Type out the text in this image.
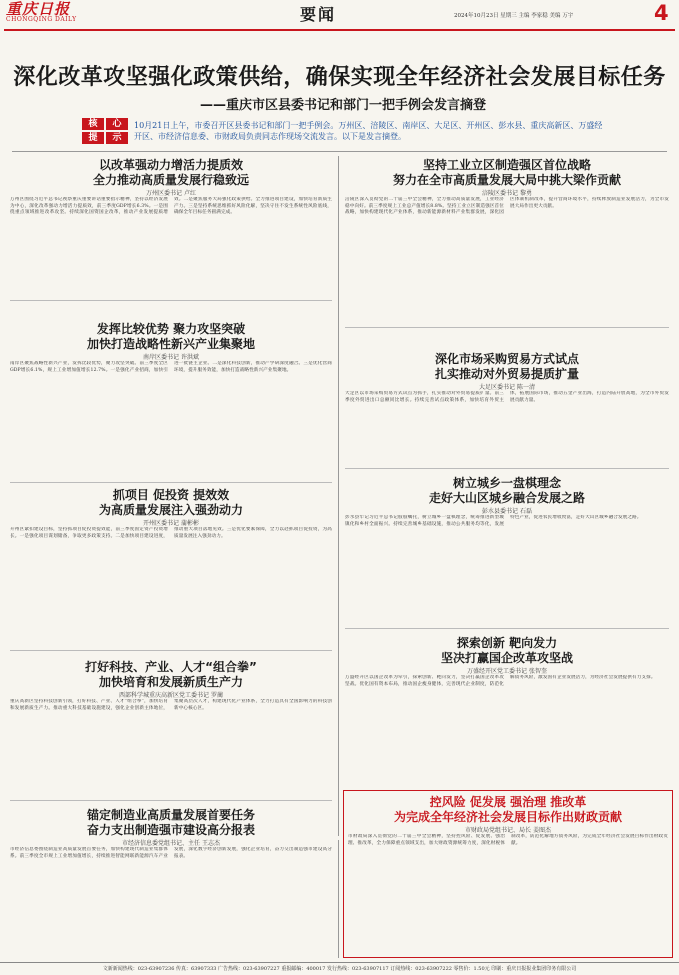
重庆日报
CHONGQING DAILY	要闻	2024年10月23日 星期三 主编 李家稳 美编 万宇	4
深化改革攻坚强化政策供给，确保实现全年经济社会发展目标任务
——重庆市区县委书记和部门一把手例会发言摘登
核	心
提	示
10月21日上午，市委召开区县委书记和部门一把手例会。万州区、涪陵区、南岸区、大足区、开州区、彭水县、重庆高新区、万盛经开区、市经济信息委、市财政局负责同志作现场交流发言。以下是发言摘登。
以改革强动力增活力提质效
全力推动高质量发展行稳致远
万州区委书记 卢红
万州区围绕习近平总书记视察重庆重要讲话重要指示精神，坚持以经济发展为中心，深化改革强动力增活力提质效，前三季度GDP增长6.3%。一是围绕重点领域推进改革攻坚。持续深化国资国企改革，推动产业发展提质增效。二是聚焦服务大局强化政策供给。全力推进项目建设，加快培育新质生产力。三是坚持系统思维抓好风险化解，坚决守住不发生系统性风险底线，确保全年目标任务圆满完成。
坚持工业立区制造强区首位战略
努力在全市高质量发展大局中挑大梁作贡献
涪陵区委书记 黎勇
涪陵区深入贯彻党的二十届三中全会精神，全力推动高质量发展，工业经济稳中向好。前三季度规上工业总产值增长8.8%。坚持工业立区制造强区首位战略，加快构建现代化产业体系，推动新能源新材料产业集群发展，深化园区体制机制改革，提升营商环境水平，持续释放制造业发展活力，为全市发展大局作出更大贡献。
发挥比较优势 聚力攻坚突破
加快打造战略性新兴产业集聚地
南岸区委书记 许洪斌
南岸区聚焦战略性新兴产业，发挥比较优势，聚力攻坚突破。前三季度全区GDP增长6.1%，规上工业增加值增长12.7%。一是强化产业招商，加快引进一批链主企业。二是深化科技创新，推动产学研深度融合。三是优化营商环境，提升服务效能，加快打造战略性新兴产业集聚地。
深化市场采购贸易方式试点
扎实推动对外贸易提质扩量
大足区委书记 陈一清
大足区以市场采购贸易方式试点为抓手，扎实推动对外贸易提质扩量。前三季度外贸进出口总额同比增长。持续完善试点政策体系，加快培育外贸主体，拓展国际市场，推动五金产业出海，打造内陆开放高地，为全市外贸发展贡献力量。
抓项目 促投资 提效效
为高质量发展注入强劲动力
开州区委书记 蒲彬彬
开州区紧扣建设目标，坚持抓项目促投资提效能，前三季度固定资产投资增长。一是强化项目谋划储备，争取更多政策支持。二是加快项目建设进度，推动重大项目落地见效。三是优化要素保障，全力以赴抓项目促投资，为高质量发展注入强劲动力。
树立城乡一盘棋理念
走好大山区城乡融合发展之路
彭水县委书记 石磊
彭水县牢记习近平总书记殷殷嘱托，树立城乡一盘棋理念，统筹推进新型城镇化和乡村全面振兴。持续完善城乡基础设施，推动公共服务均等化，发展特色产业，促进农民增收致富，走好大山区城乡融合发展之路。
打好科技、产业、人才“组合拳”
加快培育和发展新质生产力
西部科学城重庆高新区党工委书记 罗蔺
重庆高新区坚持科技创新引领，打好科技、产业、人才“组合拳”，加快培育和发展新质生产力。推动重大科技基础设施建设，强化企业创新主体地位，集聚高层次人才，构建现代化产业体系，全力打造具有全国影响力的科技创新中心核心区。
探索创新 靶向发力
坚决打赢国企改革攻坚战
万盛经开区党工委书记 张智奎
万盛经开区以国企改革为牵引，探索创新、靶向发力，坚决打赢国企改革攻坚战。优化国有资本布局，推动国企瘦身健体，完善现代企业制度，防范化解债务风险，激发国有企业发展活力，为经济社会发展提供有力支撑。
锚定制造业高质量发展首要任务
奋力支出制造强市建设高分报表
市经济信息委党组书记、主任 王志杰
市经济信息委围绕制造业高质量发展首要任务，加快构建现代制造业集群体系。前三季度全市规上工业增加值增长，持续推进智能网联新能源汽车产业发展，深化数字经济创新发展，强化企业培育，奋力交出制造强市建设高分报表。
控风险 促发展 强治理 推改革
为完成全年经济社会发展目标作出财政贡献
市财政局党组书记、局长 姜图杰
市财政局深入贯彻党的二十届三中全会精神，坚持控风险、促发展、强治理、推改革，全力保障重点领域支出，加大财政资源统筹力度，深化财税体制改革，防范化解地方债务风险，为完成全年经济社会发展目标作出财政贡献。
文新新闻热线：023-63907236 传真：63907333 广告热线：023-63907227 重报邮编：400017 发行热线：023-63907117 订阅热线：023-63907222 零售价：1.50元 印刷：重庆日报报业集团印务有限公司
